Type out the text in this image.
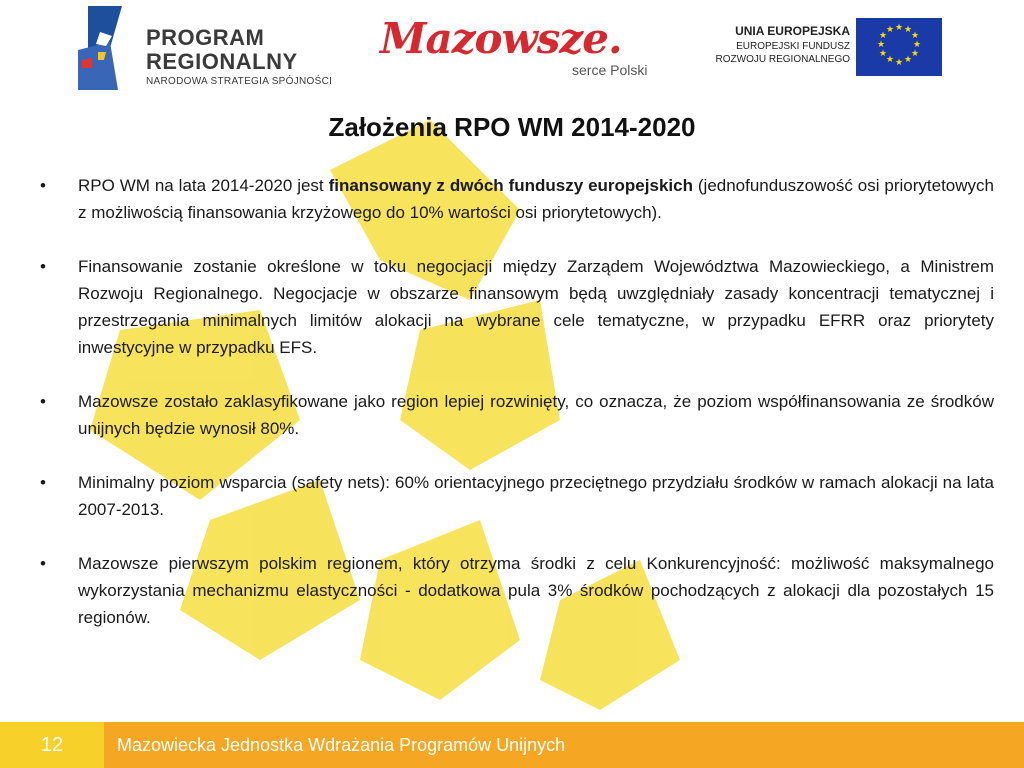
PROGRAM
REGIONALNY
NARODOWA STRATEGIA SPÓJNOŚCI
Mazowsze.
serce Polski
UNIA EUROPEJSKA
EUROPEJSKI FUNDUSZ
ROZWOJU REGIONALNEGO
★ ★
★
★
★
★
★
★
★
★
★
★
Założenia RPO WM 2014-2020
• RPO WM na lata 2014-2020 jest finansowany z dwóch funduszy europejskich (jednofunduszowość osi priorytetowych z możliwością finansowania krzyżowego do 10% wartości osi priorytetowych).
• Finansowanie zostanie określone w toku negocjacji między Zarządem Województwa Mazowieckiego, a Ministrem Rozwoju Regionalnego. Negocjacje w obszarze finansowym będą uwzględniały zasady koncentracji tematycznej i przestrzegania minimalnych limitów alokacji na wybrane cele tematyczne, w przypadku EFRR oraz priorytety inwestycyjne w przypadku EFS.
• Mazowsze zostało zaklasyfikowane jako region lepiej rozwinięty, co oznacza, że poziom współfinansowania ze środków unijnych będzie wynosił 80%.
• Minimalny poziom wsparcia (safety nets): 60% orientacyjnego przeciętnego przydziału środków w ramach alokacji na lata 2007-2013.
• Mazowsze pierwszym polskim regionem, który otrzyma środki z celu Konkurencyjność: możliwość maksymalnego wykorzystania mechanizmu elastyczności - dodatkowa pula 3% środków pochodzących z alokacji dla pozostałych 15 regionów.
12	Mazowiecka Jednostka Wdrażania Programów Unijnych
